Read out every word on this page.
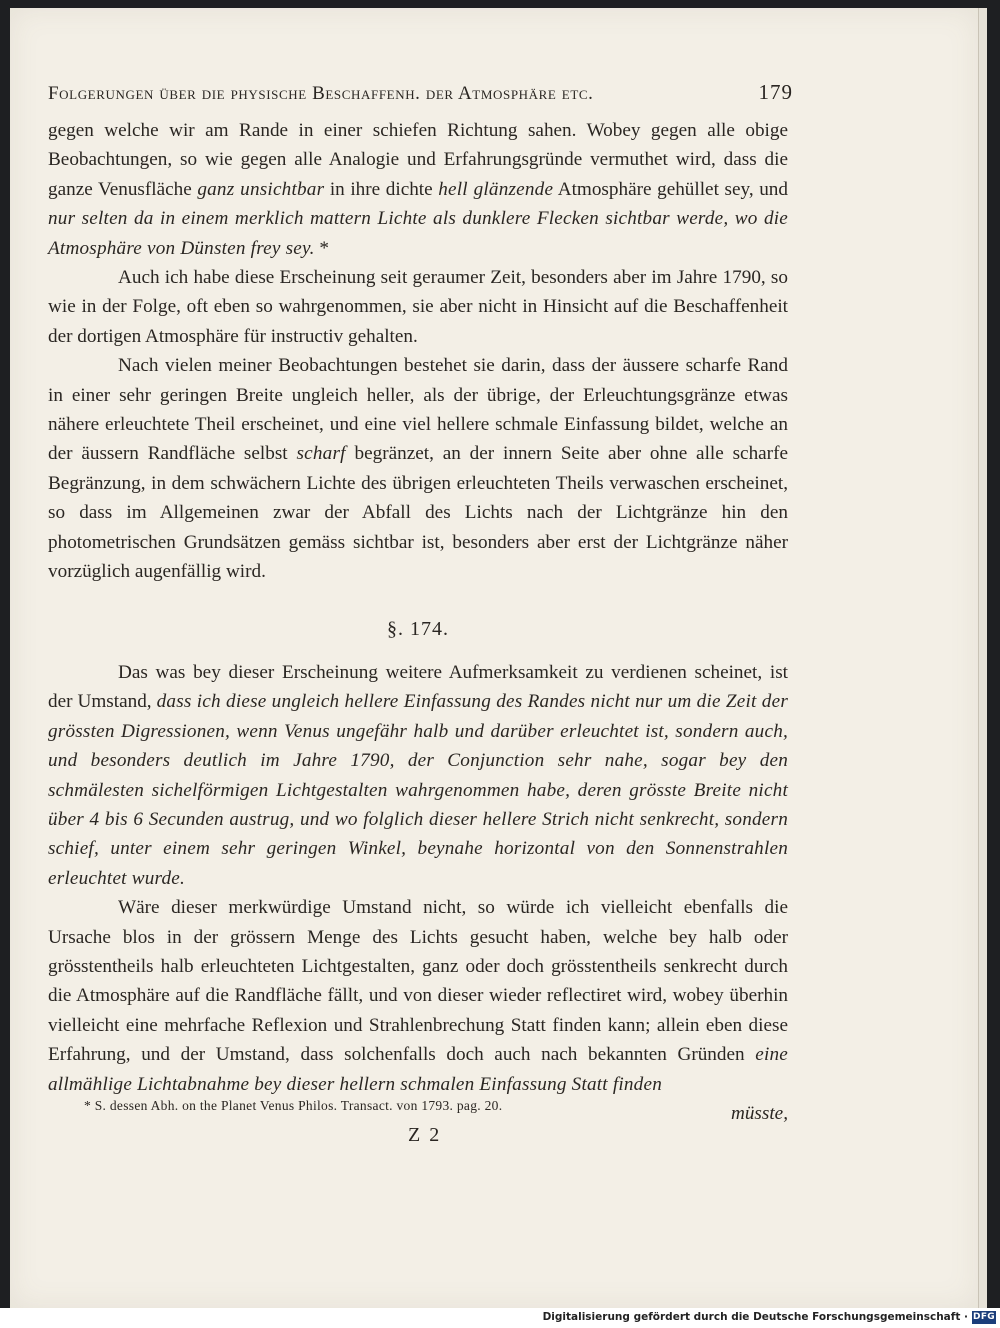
Folgerungen über die physische Beschaffenh. der Atmosphäre etc.	179

gegen welche wir am Rande in einer schiefen Richtung sahen. Wobey gegen alle obige Beobachtungen, so wie gegen alle Analogie und Erfahrungsgründe vermuthet wird, dass die ganze Venusfläche ganz unsichtbar in ihre dichte hell glänzende Atmosphäre gehüllet sey, und nur selten da in einem merklich mattern Lichte als dunklere Flecken sichtbar werde, wo die Atmosphäre von Dünsten frey sey. *

Auch ich habe diese Erscheinung seit geraumer Zeit, besonders aber im Jahre 1790, so wie in der Folge, oft eben so wahrgenommen, sie aber nicht in Hinsicht auf die Beschaffenheit der dortigen Atmosphäre für instructiv gehalten.

Nach vielen meiner Beobachtungen bestehet sie darin, dass der äussere scharfe Rand in einer sehr geringen Breite ungleich heller, als der übrige, der Erleuchtungsgränze etwas nähere erleuchtete Theil erscheinet, und eine viel hellere schmale Einfassung bildet, welche an der äussern Randfläche selbst scharf begränzet, an der innern Seite aber ohne alle scharfe Begränzung, in dem schwächern Lichte des übrigen erleuchteten Theils verwaschen erscheinet, so dass im Allgemeinen zwar der Abfall des Lichts nach der Lichtgränze hin den photometrischen Grundsätzen gemäss sichtbar ist, besonders aber erst der Lichtgränze näher vorzüglich augenfällig wird.

§. 174.

Das was bey dieser Erscheinung weitere Aufmerksamkeit zu verdienen scheinet, ist der Umstand, dass ich diese ungleich hellere Einfassung des Randes nicht nur um die Zeit der grössten Digressionen, wenn Venus ungefähr halb und darüber erleuchtet ist, sondern auch, und besonders deutlich im Jahre 1790, der Conjunction sehr nahe, sogar bey den schmälesten sichelförmigen Lichtgestalten wahrgenommen habe, deren grösste Breite nicht über 4 bis 6 Secunden austrug, und wo folglich dieser hellere Strich nicht senkrecht, sondern schief, unter einem sehr geringen Winkel, beynahe horizontal von den Sonnenstrahlen erleuchtet wurde.

Wäre dieser merkwürdige Umstand nicht, so würde ich vielleicht ebenfalls die Ursache blos in der grössern Menge des Lichts gesucht haben, welche bey halb oder grösstentheils halb erleuchteten Lichtgestalten, ganz oder doch grösstentheils senkrecht durch die Atmosphäre auf die Randfläche fällt, und von dieser wieder reflectiret wird, wobey überhin vielleicht eine mehrfache Reflexion und Strahlenbrechung Statt finden kann; allein eben diese Erfahrung, und der Umstand, dass solchenfalls doch auch nach bekannten Gründen eine allmählige Lichtabnahme bey dieser hellern schmalen Einfassung Statt finden

müsste,

* S. dessen Abh. on the Planet Venus Philos. Transact. von 1793. pag. 20.
Z 2
Digitalisierung gefördert durch die Deutsche Forschungsgemeinschaft · DFG
